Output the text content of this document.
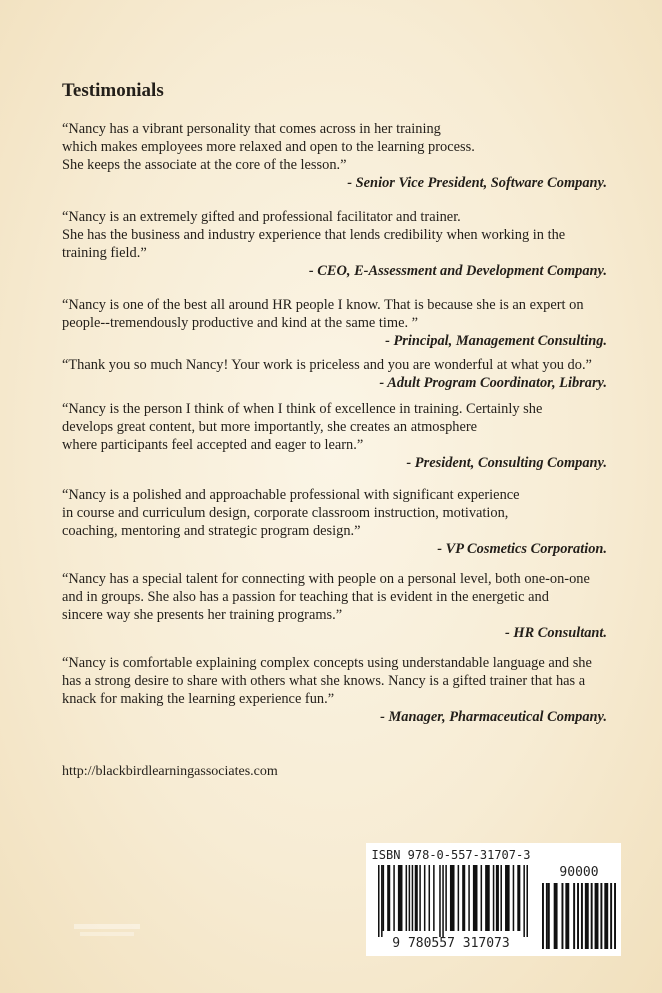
Testimonials

“Nancy has a vibrant personality that comes across in her training

which makes employees more relaxed and open to the learning process.

She keeps the associate at the core of the lesson.”

- Senior Vice President, Software Company.

“Nancy is an extremely gifted and professional facilitator and trainer.

She has the business and industry experience that lends credibility when working in the

training field.”

- CEO, E-Assessment and Development Company.

“Nancy is one of the best all around HR people I know. That is because she is an expert on

people--tremendously productive and kind at the same time. ”

- Principal, Management Consulting.

“Thank you so much Nancy! Your work is priceless and you are wonderful at what you do.”

- Adult Program Coordinator, Library.

“Nancy is the person I think of when I think of excellence in training. Certainly she

develops great content, but more importantly, she creates an atmosphere

where participants feel accepted and eager to learn.”

- President, Consulting Company.

“Nancy is a polished and approachable professional with significant experience

in course and curriculum design, corporate classroom instruction, motivation,

coaching, mentoring and strategic program design.”

- VP Cosmetics Corporation.

“Nancy has a special talent for connecting with people on a personal level, both one-on-one

and in groups. She also has a passion for teaching that is evident in the energetic and

sincere way she presents her training programs.”

- HR Consultant.

“Nancy is comfortable explaining complex concepts using understandable language and she

has a strong desire to share with others what she knows. Nancy is a gifted trainer that has a

knack for making the learning experience fun.”

- Manager, Pharmaceutical Company.

http://blackbirdlearningassociates.com

ISBN 978-0-557-31707-3
90000
9 780557 317073
